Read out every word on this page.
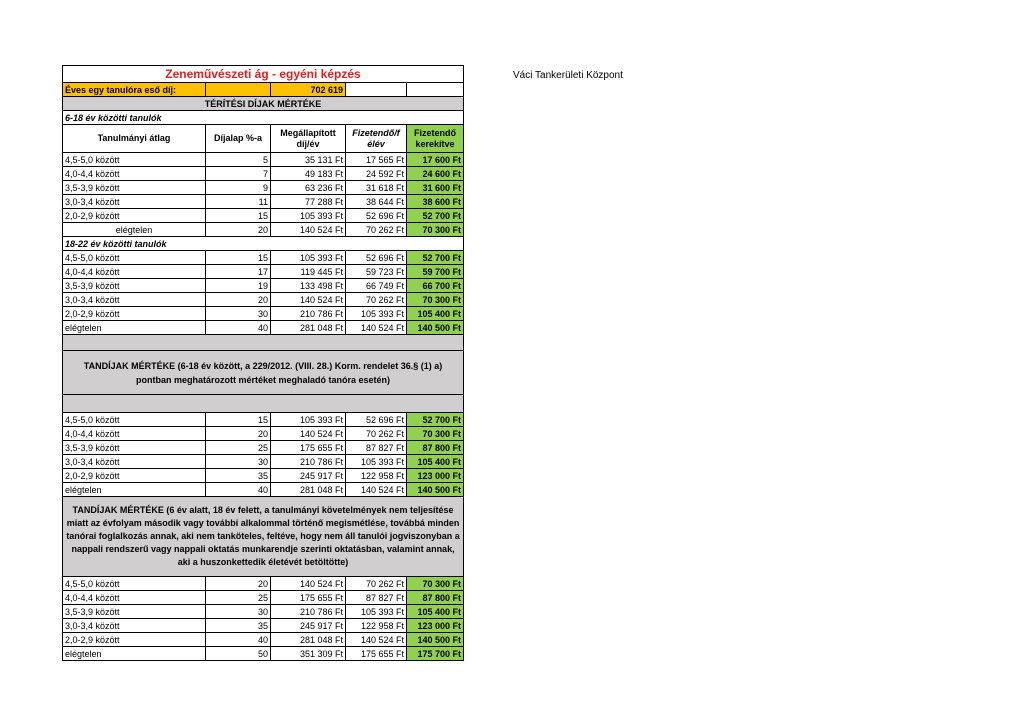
Váci Tankerületi Központ
Zeneművészeti ág - egyéni képzés				
Éves egy tanulóra eső díj:		702 619		
TÉRÍTÉSI DÍJAK MÉRTÉKE				
6-18 év közötti tanulók				
Tanulmányi átlag	Díjalap %-a	Megállapított díj/év	Fizetendő/f élév	Fizetendő kerekítve
4,5-5,0 között	5	35 131 Ft	17 565 Ft	17 600 Ft
4,0-4,4 között	7	49 183 Ft	24 592 Ft	24 600 Ft
3,5-3,9 között	9	63 236 Ft	31 618 Ft	31 600 Ft
3,0-3,4 között	11	77 288 Ft	38 644 Ft	38 600 Ft
2,0-2,9 között	15	105 393 Ft	52 696 Ft	52 700 Ft
elégtelen	20	140 524 Ft	70 262 Ft	70 300 Ft
18-22 év közötti tanulók				
4,5-5,0 között	15	105 393 Ft	52 696 Ft	52 700 Ft
4,0-4,4 között	17	119 445 Ft	59 723 Ft	59 700 Ft
3,5-3,9 között	19	133 498 Ft	66 749 Ft	66 700 Ft
3,0-3,4 között	20	140 524 Ft	70 262 Ft	70 300 Ft
2,0-2,9 között	30	210 786 Ft	105 393 Ft	105 400 Ft
elégtelen	40	281 048 Ft	140 524 Ft	140 500 Ft

TANDÍJAK MÉRTÉKE (6-18 év között, a 229/2012. (VIII. 28.) Korm. rendelet 36.§ (1) a) pontban meghatározott mértéket meghaladó tanóra esetén)				

4,5-5,0 között	15	105 393 Ft	52 696 Ft	52 700 Ft
4,0-4,4 között	20	140 524 Ft	70 262 Ft	70 300 Ft
3,5-3,9 között	25	175 655 Ft	87 827 Ft	87 800 Ft
3,0-3,4 között	30	210 786 Ft	105 393 Ft	105 400 Ft
2,0-2,9 között	35	245 917 Ft	122 958 Ft	123 000 Ft
elégtelen	40	281 048 Ft	140 524 Ft	140 500 Ft
TANDÍJAK MÉRTÉKE (6 év alatt, 18 év felett, a tanulmányi követelmények nem teljesítése miatt az évfolyam második vagy további alkalommal történő megismétlése, továbbá minden tanórai foglalkozás annak, aki nem tanköteles, feltéve, hogy nem áll tanulói jogviszonyban a nappali rendszerű vagy nappali oktatás munkarendje szerinti oktatásban, valamint annak, aki a huszonkettedik életévét betöltötte)				
4,5-5,0 között	20	140 524 Ft	70 262 Ft	70 300 Ft
4,0-4,4 között	25	175 655 Ft	87 827 Ft	87 800 Ft
3,5-3,9 között	30	210 786 Ft	105 393 Ft	105 400 Ft
3,0-3,4 között	35	245 917 Ft	122 958 Ft	123 000 Ft
2,0-2,9 között	40	281 048 Ft	140 524 Ft	140 500 Ft
elégtelen	50	351 309 Ft	175 655 Ft	175 700 Ft
